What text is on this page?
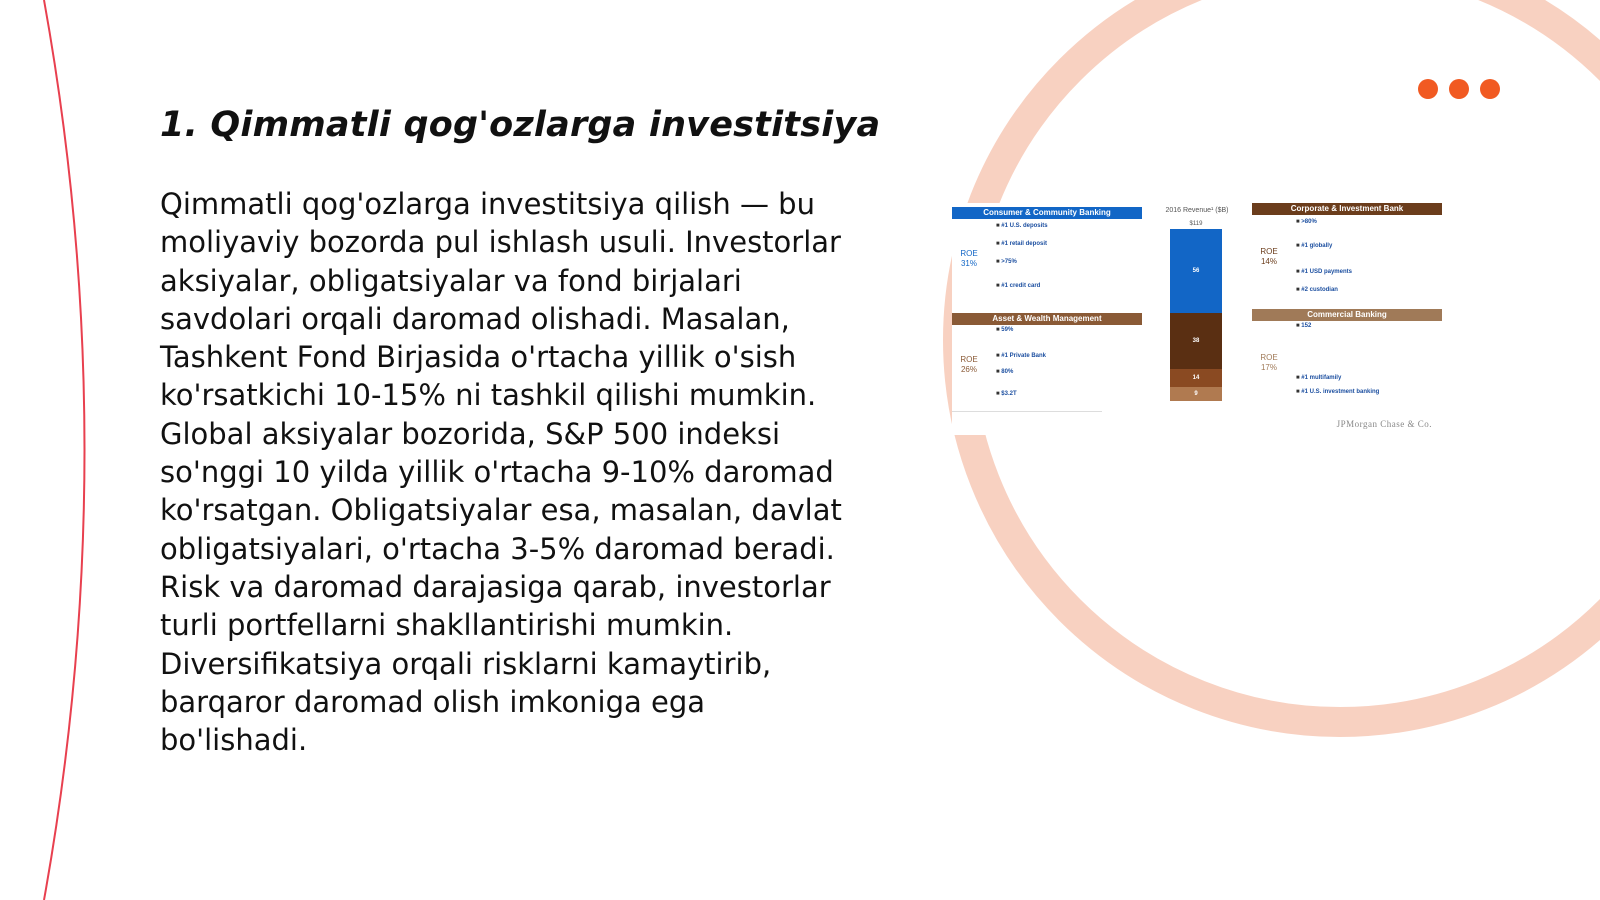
1. Qimmatli qog'ozlarga investitsiya
Qimmatli qog'ozlarga investitsiya qilish — bu moliyaviy bozorda pul ishlash usuli. Investorlar aksiyalar, obligatsiyalar va fond birjalari savdolari orqali daromad olishadi. Masalan, Tashkent Fond Birjasida o'rtacha yillik o'sish ko'rsatkichi 10-15% ni tashkil qilishi mumkin. Global aksiyalar bozorida, S&P 500 indeksi so'nggi 10 yilda yillik o'rtacha 9-10% daromad ko'rsatgan. Obligatsiyalar esa, masalan, davlat obligatsiyalari, o'rtacha 3-5% daromad beradi. Risk va daromad darajasiga qarab, investorlar turli portfellarni shakllantirishi mumkin. Diversifikatsiya orqali risklarni kamaytirib, barqaror daromad olish imkoniga ega bo'lishadi.
Consumer & Community Banking
ROE
31%
■ #1 U.S. deposits
■ #1 retail deposit
■ >75%
■ #1 credit card
Asset & Wealth Management
ROE
26%
■ 59%
■ #1 Private Bank
■ 80%
■ $3.2T
2016 Revenue¹ ($B)
$119
56
38
14
9
Corporate & Investment Bank
ROE
14%
■ >80%
■ #1 globally
■ #1 USD payments
■ #2 custodian
Commercial Banking
ROE
17%
■ 152
■ #1 multifamily
■ #1 U.S. investment banking
JPMorgan Chase & Co.
